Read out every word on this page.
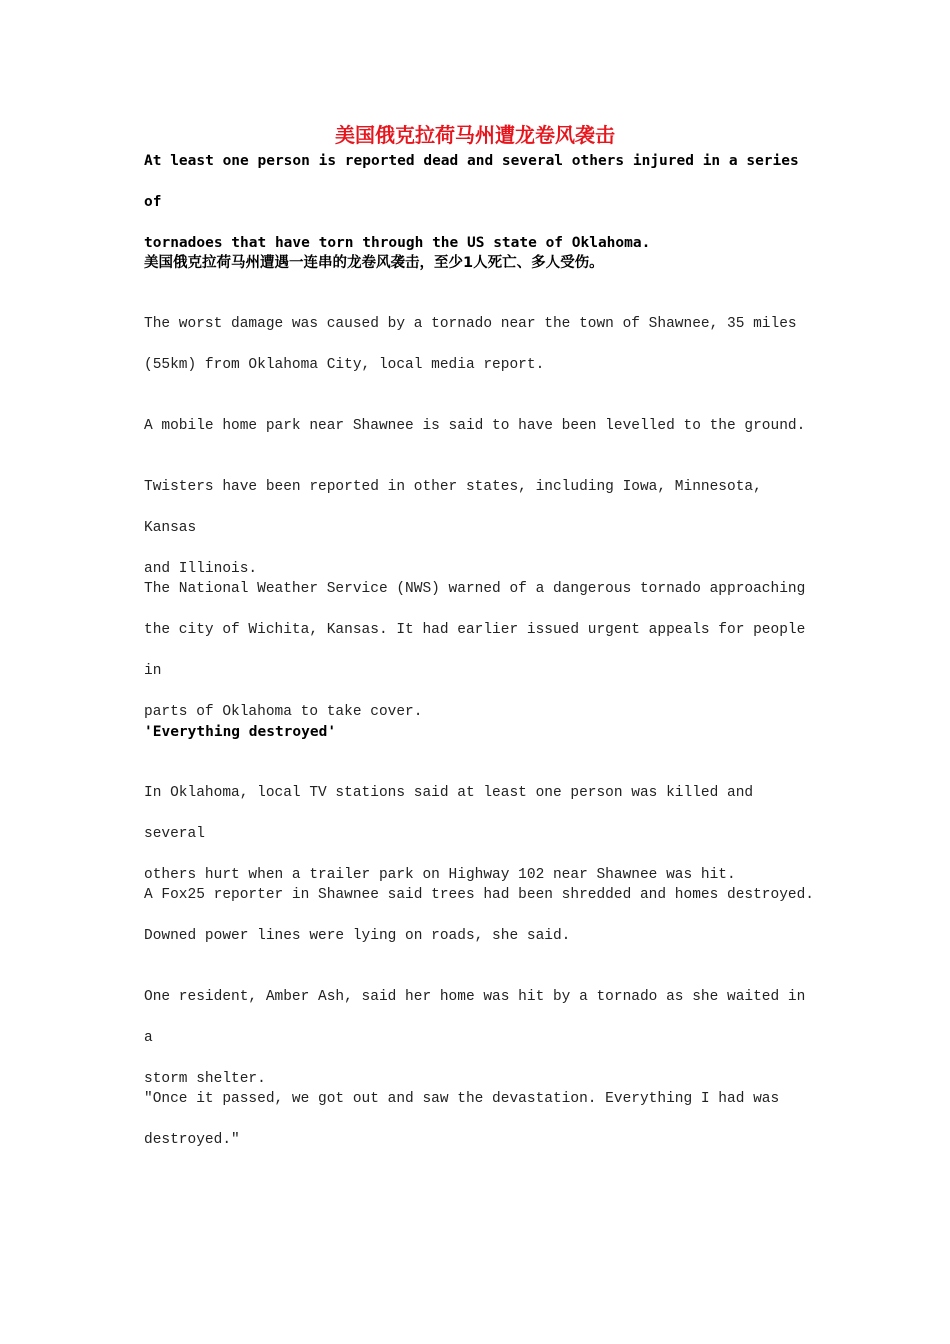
美国俄克拉荷马州遭龙卷风袭击

At least one person is reported dead and several others injured in a series of
tornadoes that have torn through the US state of Oklahoma.

美国俄克拉荷马州遭遇一连串的龙卷风袭击，至少1人死亡、多人受伤。

The worst damage was caused by a tornado near the town of Shawnee, 35 miles
(55km) from Oklahoma City, local media report.

A mobile home park near Shawnee is said to have been levelled to the ground.

Twisters have been reported in other states, including Iowa, Minnesota, Kansas
and Illinois.

The National Weather Service (NWS) warned of a dangerous tornado approaching
the city of Wichita, Kansas. It had earlier issued urgent appeals for people in
parts of Oklahoma to take cover.

'Everything destroyed'

In Oklahoma, local TV stations said at least one person was killed and several
others hurt when a trailer park on Highway 102 near Shawnee was hit.

A Fox25 reporter in Shawnee said trees had been shredded and homes destroyed.
Downed power lines were lying on roads, she said.

One resident, Amber Ash, said her home was hit by a tornado as she waited in a
storm shelter.

"Once it passed, we got out and saw the devastation. Everything I had was
destroyed."
